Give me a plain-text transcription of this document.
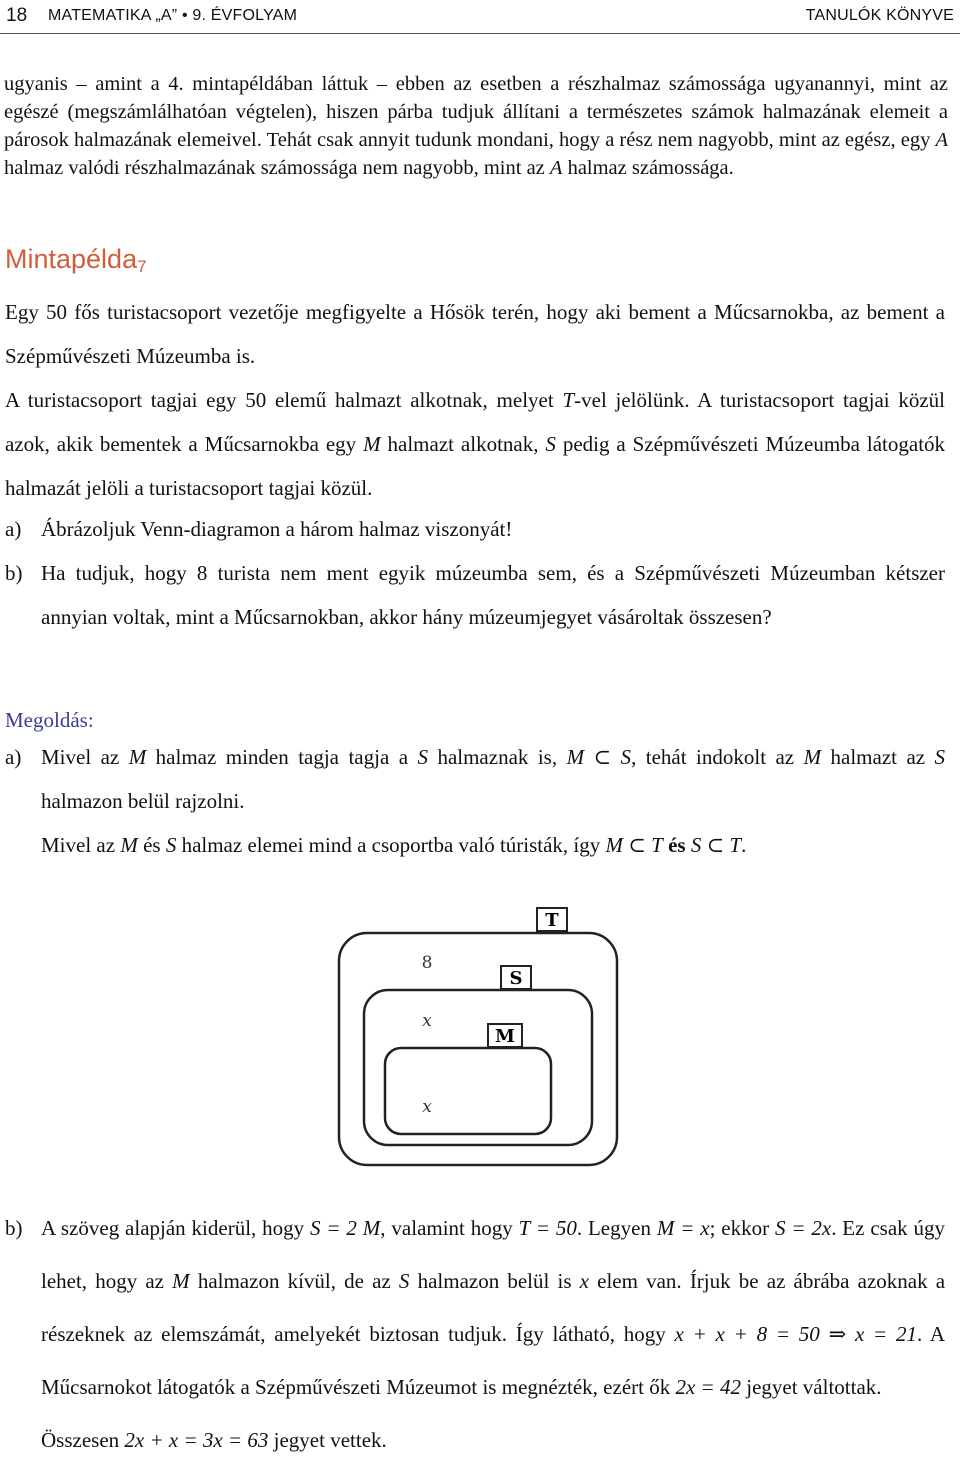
18 MATEMATIKA „A” • 9. ÉVFOLYAM	TANULÓK KÖNYVE

ugyanis – amint a 4. mintapéldában láttuk – ebben az esetben a részhalmaz számossága ugyanannyi, mint az egészé (megszámlálhatóan végtelen), hiszen párba tudjuk állítani a természetes számok halmazának elemeit a párosok halmazának elemeivel. Tehát csak annyit tudunk mondani, hogy a rész nem nagyobb, mint az egész, egy A halmaz valódi részhalmazának számossága nem nagyobb, mint az A halmaz számossága.

Mintapélda$_7$

Egy 50 fős turistacsoport vezetője megfigyelte a Hősök terén, hogy aki bement a Műcsarnokba, az bement a Szépművészeti Múzeumba is.

A turistacsoport tagjai egy 50 elemű halmazt alkotnak, melyet T-vel jelölünk. A turistacsoport tagjai közül azok, akik bementek a Műcsarnokba egy M halmazt alkotnak, S pedig a Szépművészeti Múzeumba látogatók halmazát jelöli a turistacsoport tagjai közül.

a) Ábrázoljuk Venn-diagramon a három halmaz viszonyát!
b) Ha tudjuk, hogy 8 turista nem ment egyik múzeumba sem, és a Szépművészeti Múzeumban kétszer annyian voltak, mint a Műcsarnokban, akkor hány múzeumjegyet vásároltak összesen?
Megoldás:
a) Mivel az M halmaz minden tagja tagja a S halmaznak is, M ⊂ S, tehát indokolt az M halmazt az S halmazon belül rajzolni.
Mivel az M és S halmaz elemei mind a csoportba való túristák, így M ⊂ T és S ⊂ T.
T
S
M
8
x
x
b) A szöveg alapján kiderül, hogy S = 2 M, valamint hogy T = 50. Legyen M = x; ekkor S = 2x. Ez csak úgy lehet, hogy az M halmazon kívül, de az S halmazon belül is x elem van. Írjuk be az ábrába azoknak a részeknek az elemszámát, amelyekét biztosan tudjuk. Így látható, hogy x + x + 8 = 50 ⇒ x = 21. A Műcsarnokot látogatók a Szépművészeti Múzeumot is megnézték, ezért ők 2x = 42 jegyet váltottak.
Összesen 2x + x = 3x = 63 jegyet vettek.
